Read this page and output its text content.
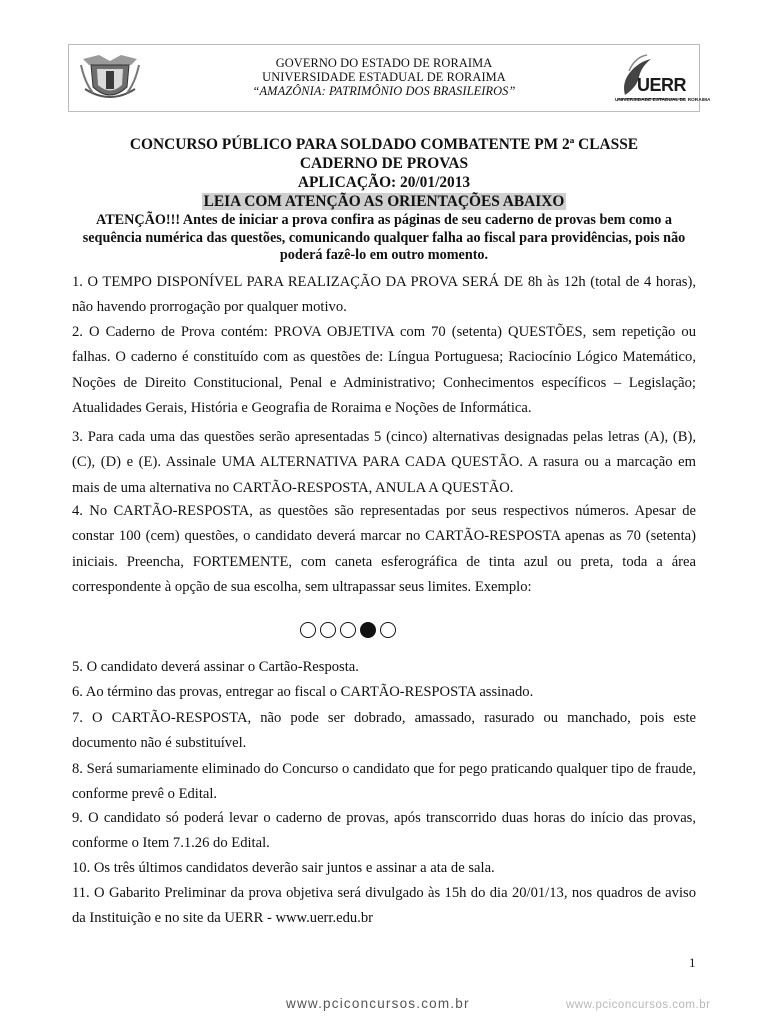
GOVERNO DO ESTADO DE RORAIMA
UNIVERSIDADE ESTADUAL DE RORAIMA
“AMAZÔNIA: PATRIMÔNIO DOS BRASILEIROS”	UERR
UNIVERSIDADE ESTADUAL DE RORAIMA
CONCURSO PÚBLICO PARA SOLDADO COMBATENTE PM 2ª CLASSE
CADERNO DE PROVAS
APLICAÇÃO: 20/01/2013
LEIA COM ATENÇÃO AS ORIENTAÇÕES ABAIXO
ATENÇÃO!!! Antes de iniciar a prova confira as páginas de seu caderno de provas bem como a sequência numérica das questões, comunicando qualquer falha ao fiscal para providências, pois não poderá fazê-lo em outro momento.
1. O TEMPO DISPONÍVEL PARA REALIZAÇÃO DA PROVA SERÁ DE 8h às 12h (total de 4 horas), não havendo prorrogação por qualquer motivo.
2. O Caderno de Prova contém: PROVA OBJETIVA com 70 (setenta) QUESTÕES, sem repetição ou falhas. O caderno é constituído com as questões de: Língua Portuguesa; Raciocínio Lógico Matemático, Noções de Direito Constitucional, Penal e Administrativo; Conhecimentos específicos – Legislação; Atualidades Gerais, História e Geografia de Roraima e Noções de Informática.
3. Para cada uma das questões serão apresentadas 5 (cinco) alternativas designadas pelas letras (A), (B), (C), (D) e (E). Assinale UMA ALTERNATIVA PARA CADA QUESTÃO. A rasura ou a marcação em mais de uma alternativa no CARTÃO-RESPOSTA, ANULA A QUESTÃO.
4. No CARTÃO-RESPOSTA, as questões são representadas por seus respectivos números. Apesar de constar 100 (cem) questões, o candidato deverá marcar no CARTÃO-RESPOSTA apenas as 70 (setenta) iniciais. Preencha, FORTEMENTE, com caneta esferográfica de tinta azul ou preta, toda a área correspondente à opção de sua escolha, sem ultrapassar seus limites. Exemplo:
5. O candidato deverá assinar o Cartão-Resposta.
6. Ao término das provas, entregar ao fiscal o CARTÃO-RESPOSTA assinado.
7. O CARTÃO-RESPOSTA, não pode ser dobrado, amassado, rasurado ou manchado, pois este documento não é substituível.
8. Será sumariamente eliminado do Concurso o candidato que for pego praticando qualquer tipo de fraude, conforme prevê o Edital.
9. O candidato só poderá levar o caderno de provas, após transcorrido duas horas do início das provas, conforme o Item 7.1.26 do Edital.
10. Os três últimos candidatos deverão sair juntos e assinar a ata de sala.
11. O Gabarito Preliminar da prova objetiva será divulgado às 15h do dia 20/01/13, nos quadros de aviso da Instituição e no site da UERR - www.uerr.edu.br
1
www.pciconcursos.com.br	www.pciconcursos.com.br
